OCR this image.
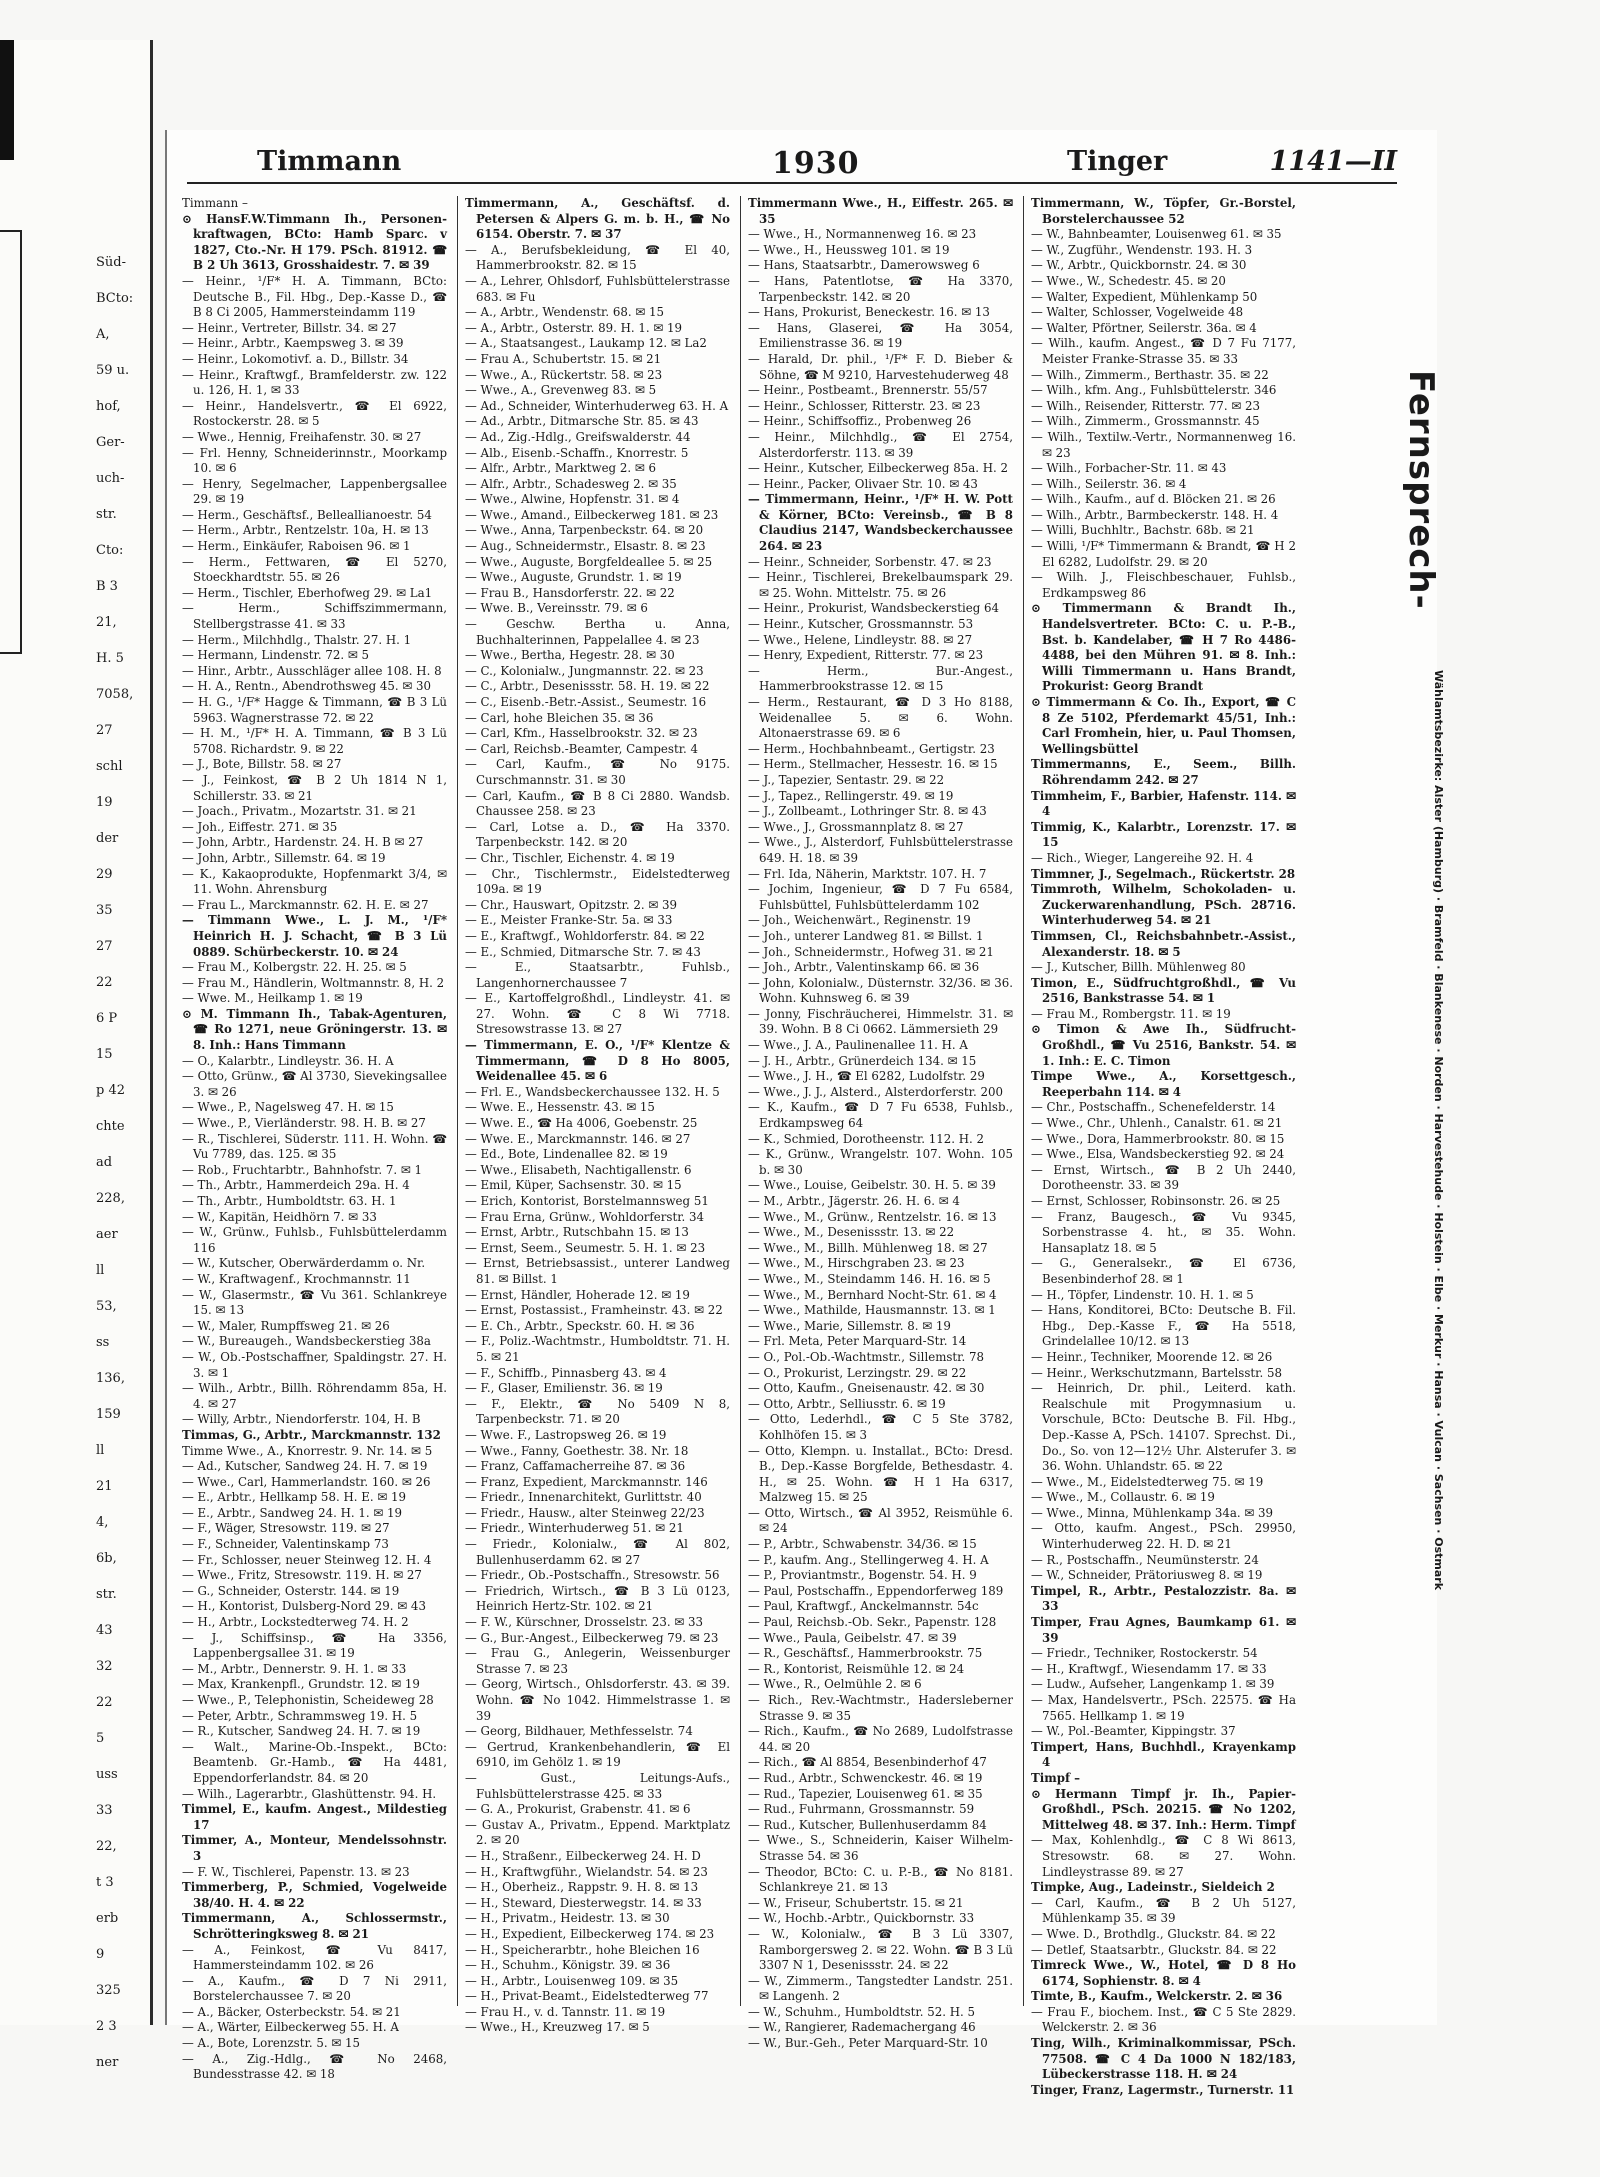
Süd-
BCto:
A,
59 u.
hof,
Ger-
uch-
str.
Cto:
B 3
21,
H. 5
7058,
27
schl
19
der
29
35
27
22
6 P
15
p 42
chte
ad
228,
aer
ll
53,
ss
136,
159
ll
21
4,
6b,
str.
43
32
22
5
uss
33
22,
t 3
erb
9
325
2 3
ner
Timmann	1930	Tinger	1141—II

Timmann –

⊙ HansF.W.Timmann Ih., Personen-kraftwagen, BCto: Hamb Sparc. v 1827, Cto.-Nr. H 179. PSch. 81912. ☎ B 2 Uh 3613, Grosshaidestr. 7. ✉ 39

— Heinr., ¹/F* H. A. Timmann, BCto: Deutsche B., Fil. Hbg., Dep.-Kasse D., ☎ B 8 Ci 2005, Hammersteindamm 119

— Heinr., Vertreter, Billstr. 34. ✉ 27

— Heinr., Arbtr., Kaempsweg 3. ✉ 39

— Heinr., Lokomotivf. a. D., Billstr. 34

— Heinr., Kraftwgf., Bramfelderstr. zw. 122 u. 126, H. 1, ✉ 33

— Heinr., Handelsvertr., ☎ El 6922, Rostockerstr. 28. ✉ 5

— Wwe., Hennig, Freihafenstr. 30. ✉ 27

— Frl. Henny, Schneiderinnstr., Moorkamp 10. ✉ 6

— Henry, Segelmacher, Lappenbergsallee 29. ✉ 19

— Herm., Geschäftsf., Belleallianoestr. 54

— Herm., Arbtr., Rentzelstr. 10a, H. ✉ 13

— Herm., Einkäufer, Raboisen 96. ✉ 1

— Herm., Fettwaren, ☎ El 5270, Stoeckhardtstr. 55. ✉ 26

— Herm., Tischler, Eberhofweg 29. ✉ La1

— Herm., Schiffszimmermann, Stellbergstrasse 41. ✉ 33

— Herm., Milchhdlg., Thalstr. 27. H. 1

— Hermann, Lindenstr. 72. ✉ 5

— Hinr., Arbtr., Ausschläger allee 108. H. 8

— H. A., Rentn., Abendrothsweg 45. ✉ 30

— H. G., ¹/F* Hagge & Timmann, ☎ B 3 Lü 5963. Wagnerstrasse 72. ✉ 22

— H. M., ¹/F* H. A. Timmann, ☎ B 3 Lü 5708. Richardstr. 9. ✉ 22

— J., Bote, Billstr. 58. ✉ 27

— J., Feinkost, ☎ B 2 Uh 1814 N 1, Schillerstr. 33. ✉ 21

— Joach., Privatm., Mozartstr. 31. ✉ 21

— Joh., Eiffestr. 271. ✉ 35

— John, Arbtr., Hardenstr. 24. H. B ✉ 27

— John, Arbtr., Sillemstr. 64. ✉ 19

— K., Kakaoprodukte, Hopfenmarkt 3/4, ✉ 11. Wohn. Ahrensburg

— Frau L., Marckmannstr. 62. H. E. ✉ 27

— Timmann Wwe., L. J. M., ¹/F* Heinrich H. J. Schacht, ☎ B 3 Lü 0889. Schürbeckerstr. 10. ✉ 24

— Frau M., Kolbergstr. 22. H. 25. ✉ 5

— Frau M., Händlerin, Woltmannstr. 8, H. 2

— Wwe. M., Heilkamp 1. ✉ 19

⊙ M. Timmann Ih., Tabak-Agenturen, ☎ Ro 1271, neue Gröningerstr. 13. ✉ 8. Inh.: Hans Timmann

— O., Kalarbtr., Lindleystr. 36. H. A

— Otto, Grünw., ☎ Al 3730, Sievekingsallee 3. ✉ 26

— Wwe., P., Nagelsweg 47. H. ✉ 15

— Wwe., P., Vierländerstr. 98. H. B. ✉ 27

— R., Tischlerei, Süderstr. 111. H. Wohn. ☎ Vu 7789, das. 125. ✉ 35

— Rob., Fruchtarbtr., Bahnhofstr. 7. ✉ 1

— Th., Arbtr., Hammerdeich 29a. H. 4

— Th., Arbtr., Humboldtstr. 63. H. 1

— W., Kapitän, Heidhörn 7. ✉ 33

— W., Grünw., Fuhlsb., Fuhlsbüttelerdamm 116

— W., Kutscher, Oberwärderdamm o. Nr.

— W., Kraftwagenf., Krochmannstr. 11

— W., Glasermstr., ☎ Vu 361. Schlankreye 15. ✉ 13

— W., Maler, Rumpffsweg 21. ✉ 26

— W., Bureaugeh., Wandsbeckerstieg 38a

— W., Ob.-Postschaffner, Spaldingstr. 27. H. 3. ✉ 1

— Wilh., Arbtr., Billh. Röhrendamm 85a, H. 4. ✉ 27

— Willy, Arbtr., Niendorferstr. 104, H. B

Timmas, G., Arbtr., Marckmannstr. 132

Timme Wwe., A., Knorrestr. 9. Nr. 14. ✉ 5

— Ad., Kutscher, Sandweg 24. H. 7. ✉ 19

— Wwe., Carl, Hammerlandstr. 160. ✉ 26

— E., Arbtr., Hellkamp 58. H. E. ✉ 19

— E., Arbtr., Sandweg 24. H. 1. ✉ 19

— F., Wäger, Stresowstr. 119. ✉ 27

— F., Schneider, Valentinskamp 73

— Fr., Schlosser, neuer Steinweg 12. H. 4

— Wwe., Fritz, Stresowstr. 119. H. ✉ 27

— G., Schneider, Osterstr. 144. ✉ 19

— H., Kontorist, Dulsberg-Nord 29. ✉ 43

— H., Arbtr., Lockstedterweg 74. H. 2

— J., Schiffsinsp., ☎ Ha 3356, Lappenbergsallee 31. ✉ 19

— M., Arbtr., Dennerstr. 9. H. 1. ✉ 33

— Max, Krankenpfl., Grundstr. 12. ✉ 19

— Wwe., P., Telephonistin, Scheideweg 28

— Peter, Arbtr., Schrammsweg 19. H. 5

— R., Kutscher, Sandweg 24. H. 7. ✉ 19

— Walt., Marine-Ob.-Inspekt., BCto: Beamtenb. Gr.-Hamb., ☎ Ha 4481, Eppendorferlandstr. 84. ✉ 20

— Wilh., Lagerarbtr., Glashüttenstr. 94. H.

Timmel, E., kaufm. Angest., Mildestieg 17

Timmer, A., Monteur, Mendelssohnstr. 3

— F. W., Tischlerei, Papenstr. 13. ✉ 23

Timmerberg, P., Schmied, Vogelweide 38/40. H. 4. ✉ 22

Timmermann, A., Schlossermstr., Schrötteringksweg 8. ✉ 21

— A., Feinkost, ☎ Vu 8417, Hammersteindamm 102. ✉ 26

— A., Kaufm., ☎ D 7 Ni 2911, Borstelerchaussee 7. ✉ 20

— A., Bäcker, Osterbeckstr. 54. ✉ 21

— A., Wärter, Eilbeckerweg 55. H. A

— A., Bote, Lorenzstr. 5. ✉ 15

— A., Zig.-Hdlg., ☎ No 2468, Bundesstrasse 42. ✉ 18

Timmermann, A., Geschäftsf. d. Petersen & Alpers G. m. b. H., ☎ No 6154. Oberstr. 7. ✉ 37

— A., Berufsbekleidung, ☎ El 40, Hammerbrookstr. 82. ✉ 15

— A., Lehrer, Ohlsdorf, Fuhlsbüttelerstrasse 683. ✉ Fu

— A., Arbtr., Wendenstr. 68. ✉ 15

— A., Arbtr., Osterstr. 89. H. 1. ✉ 19

— A., Staatsangest., Laukamp 12. ✉ La2

— Frau A., Schubertstr. 15. ✉ 21

— Wwe., A., Rückertstr. 58. ✉ 23

— Wwe., A., Grevenweg 83. ✉ 5

— Ad., Schneider, Winterhuderweg 63. H. A

— Ad., Arbtr., Ditmarsche Str. 85. ✉ 43

— Ad., Zig.-Hdlg., Greifswalderstr. 44

— Alb., Eisenb.-Schaffn., Knorrestr. 5

— Alfr., Arbtr., Marktweg 2. ✉ 6

— Alfr., Arbtr., Schadesweg 2. ✉ 35

— Wwe., Alwine, Hopfenstr. 31. ✉ 4

— Wwe., Amand., Eilbeckerweg 181. ✉ 23

— Wwe., Anna, Tarpenbeckstr. 64. ✉ 20

— Aug., Schneidermstr., Elsastr. 8. ✉ 23

— Wwe., Auguste, Borgfeldeallee 5. ✉ 25

— Wwe., Auguste, Grundstr. 1. ✉ 19

— Frau B., Hansdorferstr. 22. ✉ 22

— Wwe. B., Vereinsstr. 79. ✉ 6

— Geschw. Bertha u. Anna, Buchhalterinnen, Pappelallee 4. ✉ 23

— Wwe., Bertha, Hegestr. 28. ✉ 30

— C., Kolonialw., Jungmannstr. 22. ✉ 23

— C., Arbtr., Desenissstr. 58. H. 19. ✉ 22

— C., Eisenb.-Betr.-Assist., Seumestr. 16

— Carl, hohe Bleichen 35. ✉ 36

— Carl, Kfm., Hasselbrookstr. 32. ✉ 23

— Carl, Reichsb.-Beamter, Campestr. 4

— Carl, Kaufm., ☎ No 9175. Curschmannstr. 31. ✉ 30

— Carl, Kaufm., ☎ B 8 Ci 2880. Wandsb. Chaussee 258. ✉ 23

— Carl, Lotse a. D., ☎ Ha 3370. Tarpenbeckstr. 142. ✉ 20

— Chr., Tischler, Eichenstr. 4. ✉ 19

— Chr., Tischlermstr., Eidelstedterweg 109a. ✉ 19

— Chr., Hauswart, Opitzstr. 2. ✉ 39

— E., Meister Franke-Str. 5a. ✉ 33

— E., Kraftwgf., Wohldorferstr. 84. ✉ 22

— E., Schmied, Ditmarsche Str. 7. ✉ 43

— E., Staatsarbtr., Fuhlsb., Langenhornerchaussee 7

— E., Kartoffelgroßhdl., Lindleystr. 41. ✉ 27. Wohn. ☎ C 8 Wi 7718. Stresowstrasse 13. ✉ 27

— Timmermann, E. O., ¹/F* Klentze & Timmermann, ☎ D 8 Ho 8005, Weidenallee 45. ✉ 6

— Frl. E., Wandsbeckerchaussee 132. H. 5

— Wwe. E., Hessenstr. 43. ✉ 15

— Wwe. E., ☎ Ha 4006, Goebenstr. 25

— Wwe. E., Marckmannstr. 146. ✉ 27

— Ed., Bote, Lindenallee 82. ✉ 19

— Wwe., Elisabeth, Nachtigallenstr. 6

— Emil, Küper, Sachsenstr. 30. ✉ 15

— Erich, Kontorist, Borstelmannsweg 51

— Frau Erna, Grünw., Wohldorferstr. 34

— Ernst, Arbtr., Rutschbahn 15. ✉ 13

— Ernst, Seem., Seumestr. 5. H. 1. ✉ 23

— Ernst, Betriebsassist., unterer Landweg 81. ✉ Billst. 1

— Ernst, Händler, Hoherade 12. ✉ 19

— Ernst, Postassist., Framheinstr. 43. ✉ 22

— E. Ch., Arbtr., Speckstr. 60. H. ✉ 36

— F., Poliz.-Wachtmstr., Humboldtstr. 71. H. 5. ✉ 21

— F., Schiffb., Pinnasberg 43. ✉ 4

— F., Glaser, Emilienstr. 36. ✉ 19

— F., Elektr., ☎ No 5409 N 8, Tarpenbeckstr. 71. ✉ 20

— Wwe. F., Lastropsweg 26. ✉ 19

— Wwe., Fanny, Goethestr. 38. Nr. 18

— Franz, Caffamacherreihe 87. ✉ 36

— Franz, Expedient, Marckmannstr. 146

— Friedr., Innenarchitekt, Gurlittstr. 40

— Friedr., Hausw., alter Steinweg 22/23

— Friedr., Winterhuderweg 51. ✉ 21

— Friedr., Kolonialw., ☎ Al 802, Bullenhuserdamm 62. ✉ 27

— Friedr., Ob.-Postschaffn., Stresowstr. 56

— Friedrich, Wirtsch., ☎ B 3 Lü 0123, Heinrich Hertz-Str. 102. ✉ 21

— F. W., Kürschner, Drosselstr. 23. ✉ 33

— G., Bur.-Angest., Eilbeckerweg 79. ✉ 23

— Frau G., Anlegerin, Weissenburger Strasse 7. ✉ 23

— Georg, Wirtsch., Ohlsdorferstr. 43. ✉ 39. Wohn. ☎ No 1042. Himmelstrasse 1. ✉ 39

— Georg, Bildhauer, Methfesselstr. 74

— Gertrud, Krankenbehandlerin, ☎ El 6910, im Gehölz 1. ✉ 19

— Gust., Leitungs-Aufs., Fuhlsbüttelerstrasse 425. ✉ 33

— G. A., Prokurist, Grabenstr. 41. ✉ 6

— Gustav A., Privatm., Eppend. Marktplatz 2. ✉ 20

— H., Straßenr., Eilbeckerweg 24. H. D

— H., Kraftwgführ., Wielandstr. 54. ✉ 23

— H., Oberheiz., Rappstr. 9. H. 8. ✉ 13

— H., Steward, Diesterwegstr. 14. ✉ 33

— H., Privatm., Heidestr. 13. ✉ 30

— H., Expedient, Eilbeckerweg 174. ✉ 23

— H., Speicherarbtr., hohe Bleichen 16

— H., Schuhm., Königstr. 39. ✉ 36

— H., Arbtr., Louisenweg 109. ✉ 35

— H., Privat-Beamt., Eidelstedterweg 77

— Frau H., v. d. Tannstr. 11. ✉ 19

— Wwe., H., Kreuzweg 17. ✉ 5

Timmermann Wwe., H., Eiffestr. 265. ✉ 35

— Wwe., H., Normannenweg 16. ✉ 23

— Wwe., H., Heussweg 101. ✉ 19

— Hans, Staatsarbtr., Damerowsweg 6

— Hans, Patentlotse, ☎ Ha 3370, Tarpenbeckstr. 142. ✉ 20

— Hans, Prokurist, Beneckestr. 16. ✉ 13

— Hans, Glaserei, ☎ Ha 3054, Emilienstrasse 36. ✉ 19

— Harald, Dr. phil., ¹/F* F. D. Bieber & Söhne, ☎ M 9210, Harvestehuderweg 48

— Heinr., Postbeamt., Brennerstr. 55/57

— Heinr., Schlosser, Ritterstr. 23. ✉ 23

— Heinr., Schiffsoffiz., Probenweg 26

— Heinr., Milchhdlg., ☎ El 2754, Alsterdorferstr. 113. ✉ 39

— Heinr., Kutscher, Eilbeckerweg 85a. H. 2

— Heinr., Packer, Olivaer Str. 10. ✉ 43

— Timmermann, Heinr., ¹/F* H. W. Pott & Körner, BCto: Vereinsb., ☎ B 8 Claudius 2147, Wandsbeckerchaussee 264. ✉ 23

— Heinr., Schneider, Sorbenstr. 47. ✉ 23

— Heinr., Tischlerei, Brekelbaumspark 29. ✉ 25. Wohn. Mittelstr. 75. ✉ 26

— Heinr., Prokurist, Wandsbeckerstieg 64

— Heinr., Kutscher, Grossmannstr. 53

— Wwe., Helene, Lindleystr. 88. ✉ 27

— Henry, Expedient, Ritterstr. 77. ✉ 23

— Herm., Bur.-Angest., Hammerbrookstrasse 12. ✉ 15

— Herm., Restaurant, ☎ D 3 Ho 8188, Weidenallee 5. ✉ 6. Wohn. Altonaerstrasse 69. ✉ 6

— Herm., Hochbahnbeamt., Gertigstr. 23

— Herm., Stellmacher, Hessestr. 16. ✉ 15

— J., Tapezier, Sentastr. 29. ✉ 22

— J., Tapez., Rellingerstr. 49. ✉ 19

— J., Zollbeamt., Lothringer Str. 8. ✉ 43

— Wwe., J., Grossmannplatz 8. ✉ 27

— Wwe., J., Alsterdorf, Fuhlsbüttelerstrasse 649. H. 18. ✉ 39

— Frl. Ida, Näherin, Marktstr. 107. H. 7

— Jochim, Ingenieur, ☎ D 7 Fu 6584, Fuhlsbüttel, Fuhlsbüttelerdamm 102

— Joh., Weichenwärt., Reginenstr. 19

— Joh., unterer Landweg 81. ✉ Billst. 1

— Joh., Schneidermstr., Hofweg 31. ✉ 21

— Joh., Arbtr., Valentinskamp 66. ✉ 36

— John, Kolonialw., Düsternstr. 32/36. ✉ 36. Wohn. Kuhnsweg 6. ✉ 39

— Jonny, Fischräucherei, Himmelstr. 31. ✉ 39. Wohn. B 8 Ci 0662. Lämmersieth 29

— Wwe., J. A., Paulinenallee 11. H. A

— J. H., Arbtr., Grünerdeich 134. ✉ 15

— Wwe., J. H., ☎ El 6282, Ludolfstr. 29

— Wwe., J. J., Alsterd., Alsterdorferstr. 200

— K., Kaufm., ☎ D 7 Fu 6538, Fuhlsb., Erdkampsweg 64

— K., Schmied, Dorotheenstr. 112. H. 2

— K., Grünw., Wrangelstr. 107. Wohn. 105 b. ✉ 30

— Wwe., Louise, Geibelstr. 30. H. 5. ✉ 39

— M., Arbtr., Jägerstr. 26. H. 6. ✉ 4

— Wwe., M., Grünw., Rentzelstr. 16. ✉ 13

— Wwe., M., Desenissstr. 13. ✉ 22

— Wwe., M., Billh. Mühlenweg 18. ✉ 27

— Wwe., M., Hirschgraben 23. ✉ 23

— Wwe., M., Steindamm 146. H. 16. ✉ 5

— Wwe., M., Bernhard Nocht-Str. 61. ✉ 4

— Wwe., Mathilde, Hausmannstr. 13. ✉ 1

— Wwe., Marie, Sillemstr. 8. ✉ 19

— Frl. Meta, Peter Marquard-Str. 14

— O., Pol.-Ob.-Wachtmstr., Sillemstr. 78

— O., Prokurist, Lerzingstr. 29. ✉ 22

— Otto, Kaufm., Gneisenaustr. 42. ✉ 30

— Otto, Arbtr., Selliusstr. 6. ✉ 19

— Otto, Lederhdl., ☎ C 5 Ste 3782, Kohlhöfen 15. ✉ 3

— Otto, Klempn. u. Installat., BCto: Dresd. B., Dep.-Kasse Borgfelde, Bethesdastr. 4. H., ✉ 25. Wohn. ☎ H 1 Ha 6317, Malzweg 15. ✉ 25

— Otto, Wirtsch., ☎ Al 3952, Reismühle 6. ✉ 24

— P., Arbtr., Schwabenstr. 34/36. ✉ 15

— P., kaufm. Ang., Stellingerweg 4. H. A

— P., Proviantmstr., Bogenstr. 54. H. 9

— Paul, Postschaffn., Eppendorferweg 189

— Paul, Kraftwgf., Anckelmannstr. 54c

— Paul, Reichsb.-Ob. Sekr., Papenstr. 128

— Wwe., Paula, Geibelstr. 47. ✉ 39

— R., Geschäftsf., Hammerbrookstr. 75

— R., Kontorist, Reismühle 12. ✉ 24

— Wwe., R., Oelmühle 2. ✉ 6

— Rich., Rev.-Wachtmstr., Hadersleberner Strasse 9. ✉ 35

— Rich., Kaufm., ☎ No 2689, Ludolfstrasse 44. ✉ 20

— Rich., ☎ Al 8854, Besenbinderhof 47

— Rud., Arbtr., Schwenckestr. 46. ✉ 19

— Rud., Tapezier, Louisenweg 61. ✉ 35

— Rud., Fuhrmann, Grossmannstr. 59

— Rud., Kutscher, Bullenhuserdamm 84

— Wwe., S., Schneiderin, Kaiser Wilhelm-Strasse 54. ✉ 36

— Theodor, BCto: C. u. P.-B., ☎ No 8181. Schlankreye 21. ✉ 13

— W., Friseur, Schubertstr. 15. ✉ 21

— W., Hochb.-Arbtr., Quickbornstr. 33

— W., Kolonialw., ☎ B 3 Lü 3307, Ramborgersweg 2. ✉ 22. Wohn. ☎ B 3 Lü 3307 N 1, Desenissstr. 24. ✉ 22

— W., Zimmerm., Tangstedter Landstr. 251. ✉ Langenh. 2

— W., Schuhm., Humboldtstr. 52. H. 5

— W., Rangierer, Rademachergang 46

— W., Bur.-Geh., Peter Marquard-Str. 10

Timmermann, W., Töpfer, Gr.-Borstel, Borstelerchaussee 52

— W., Bahnbeamter, Louisenweg 61. ✉ 35

— W., Zugführ., Wendenstr. 193. H. 3

— W., Arbtr., Quickbornstr. 24. ✉ 30

— Wwe., W., Schedestr. 45. ✉ 20

— Walter, Expedient, Mühlenkamp 50

— Walter, Schlosser, Vogelweide 48

— Walter, Pförtner, Seilerstr. 36a. ✉ 4

— Wilh., kaufm. Angest., ☎ D 7 Fu 7177, Meister Franke-Strasse 35. ✉ 33

— Wilh., Zimmerm., Berthastr. 35. ✉ 22

— Wilh., kfm. Ang., Fuhlsbüttelerstr. 346

— Wilh., Reisender, Ritterstr. 77. ✉ 23

— Wilh., Zimmerm., Grossmannstr. 45

— Wilh., Textilw.-Vertr., Normannenweg 16. ✉ 23

— Wilh., Forbacher-Str. 11. ✉ 43

— Wilh., Seilerstr. 36. ✉ 4

— Wilh., Kaufm., auf d. Blöcken 21. ✉ 26

— Wilh., Arbtr., Barmbeckerstr. 148. H. 4

— Willi, Buchhltr., Bachstr. 68b. ✉ 21

— Willi, ¹/F* Timmermann & Brandt, ☎ H 2 El 6282, Ludolfstr. 29. ✉ 20

— Wilh. J., Fleischbeschauer, Fuhlsb., Erdkampsweg 86

⊙ Timmermann & Brandt Ih., Handelsvertreter. BCto: C. u. P.-B., Bst. b. Kandelaber, ☎ H 7 Ro 4486-4488, bei den Mühren 91. ✉ 8. Inh.: Willi Timmermann u. Hans Brandt, Prokurist: Georg Brandt

⊙ Timmermann & Co. Ih., Export, ☎ C 8 Ze 5102, Pferdemarkt 45/51, Inh.: Carl Fromhein, hier, u. Paul Thomsen, Wellingsbüttel

Timmermanns, E., Seem., Billh. Röhrendamm 242. ✉ 27

Timmheim, F., Barbier, Hafenstr. 114. ✉ 4

Timmig, K., Kalarbtr., Lorenzstr. 17. ✉ 15

— Rich., Wieger, Langereihe 92. H. 4

Timmner, J., Segelmach., Rückertstr. 28

Timmroth, Wilhelm, Schokoladen- u. Zuckerwarenhandlung, PSch. 28716. Winterhuderweg 54. ✉ 21

Timmsen, Cl., Reichsbahnbetr.-Assist., Alexanderstr. 18. ✉ 5

— J., Kutscher, Billh. Mühlenweg 80

Timon, E., Südfruchtgroßhdl., ☎ Vu 2516, Bankstrasse 54. ✉ 1

— Frau M., Rombergstr. 11. ✉ 19

⊙ Timon & Awe Ih., Südfrucht-Großhdl., ☎ Vu 2516, Bankstr. 54. ✉ 1. Inh.: E. C. Timon

Timpe Wwe., A., Korsettgesch., Reeperbahn 114. ✉ 4

— Chr., Postschaffn., Schenefelderstr. 14

— Wwe., Chr., Uhlenh., Canalstr. 61. ✉ 21

— Wwe., Dora, Hammerbrookstr. 80. ✉ 15

— Wwe., Elsa, Wandsbeckerstieg 92. ✉ 24

— Ernst, Wirtsch., ☎ B 2 Uh 2440, Dorotheenstr. 33. ✉ 39

— Ernst, Schlosser, Robinsonstr. 26. ✉ 25

— Franz, Baugesch., ☎ Vu 9345, Sorbenstrasse 4. ht., ✉ 35. Wohn. Hansaplatz 18. ✉ 5

— G., Generalsekr., ☎ El 6736, Besenbinderhof 28. ✉ 1

— H., Töpfer, Lindenstr. 10. H. 1. ✉ 5

— Hans, Konditorei, BCto: Deutsche B. Fil. Hbg., Dep.-Kasse F., ☎ Ha 5518, Grindelallee 10/12. ✉ 13

— Heinr., Techniker, Moorende 12. ✉ 26

— Heinr., Werkschutzmann, Bartelsstr. 58

— Heinrich, Dr. phil., Leiterd. kath. Realschule mit Progymnasium u. Vorschule, BCto: Deutsche B. Fil. Hbg., Dep.-Kasse A, PSch. 14107. Sprechst. Di., Do., So. von 12—12½ Uhr. Alsterufer 3. ✉ 36. Wohn. Uhlandstr. 65. ✉ 22

— Wwe., M., Eidelstedterweg 75. ✉ 19

— Wwe., M., Collaustr. 6. ✉ 19

— Wwe., Minna, Mühlenkamp 34a. ✉ 39

— Otto, kaufm. Angest., PSch. 29950, Winterhuderweg 22. H. D. ✉ 21

— R., Postschaffn., Neumünsterstr. 24

— W., Schneider, Prätoriusweg 8. ✉ 19

Timpel, R., Arbtr., Pestalozzistr. 8a. ✉ 33

Timper, Frau Agnes, Baumkamp 61. ✉ 39

— Friedr., Techniker, Rostockerstr. 54

— H., Kraftwgf., Wiesendamm 17. ✉ 33

— Ludw., Aufseher, Langenkamp 1. ✉ 39

— Max, Handelsvertr., PSch. 22575. ☎ Ha 7565. Hellkamp 1. ✉ 19

— W., Pol.-Beamter, Kippingstr. 37

Timpert, Hans, Buchhdl., Krayenkamp 4

Timpf –

⊙ Hermann Timpf jr. Ih., Papier-Großhdl., PSch. 20215. ☎ No 1202, Mittelweg 48. ✉ 37. Inh.: Herm. Timpf

— Max, Kohlenhdlg., ☎ C 8 Wi 8613, Stresowstr. 68. ✉ 27. Wohn. Lindleystrasse 89. ✉ 27

Timpke, Aug., Ladeinstr., Sieldeich 2

— Carl, Kaufm., ☎ B 2 Uh 5127, Mühlenkamp 35. ✉ 39

— Wwe. D., Brothdlg., Gluckstr. 84. ✉ 22

— Detlef, Staatsarbtr., Gluckstr. 84. ✉ 22

Timreck Wwe., W., Hotel, ☎ D 8 Ho 6174, Sophienstr. 8. ✉ 4

Timte, B., Kaufm., Welckerstr. 2. ✉ 36

— Frau F., biochem. Inst., ☎ C 5 Ste 2829. Welckerstr. 2. ✉ 36

Ting, Wilh., Kriminalkommissar, PSch. 77508. ☎ C 4 Da 1000 N 182/183, Lübeckerstrasse 118. H. ✉ 24

Tinger, Franz, Lagermstr., Turnerstr. 11

Fernsprech-
Wählamtsbezirke: Alster (Hamburg) · Bramfeld · Blankenese · Norden · Harvestehude · Holstein · Elbe · Merkur · Hansa · Vulcan · Sachsen · Ostmark
